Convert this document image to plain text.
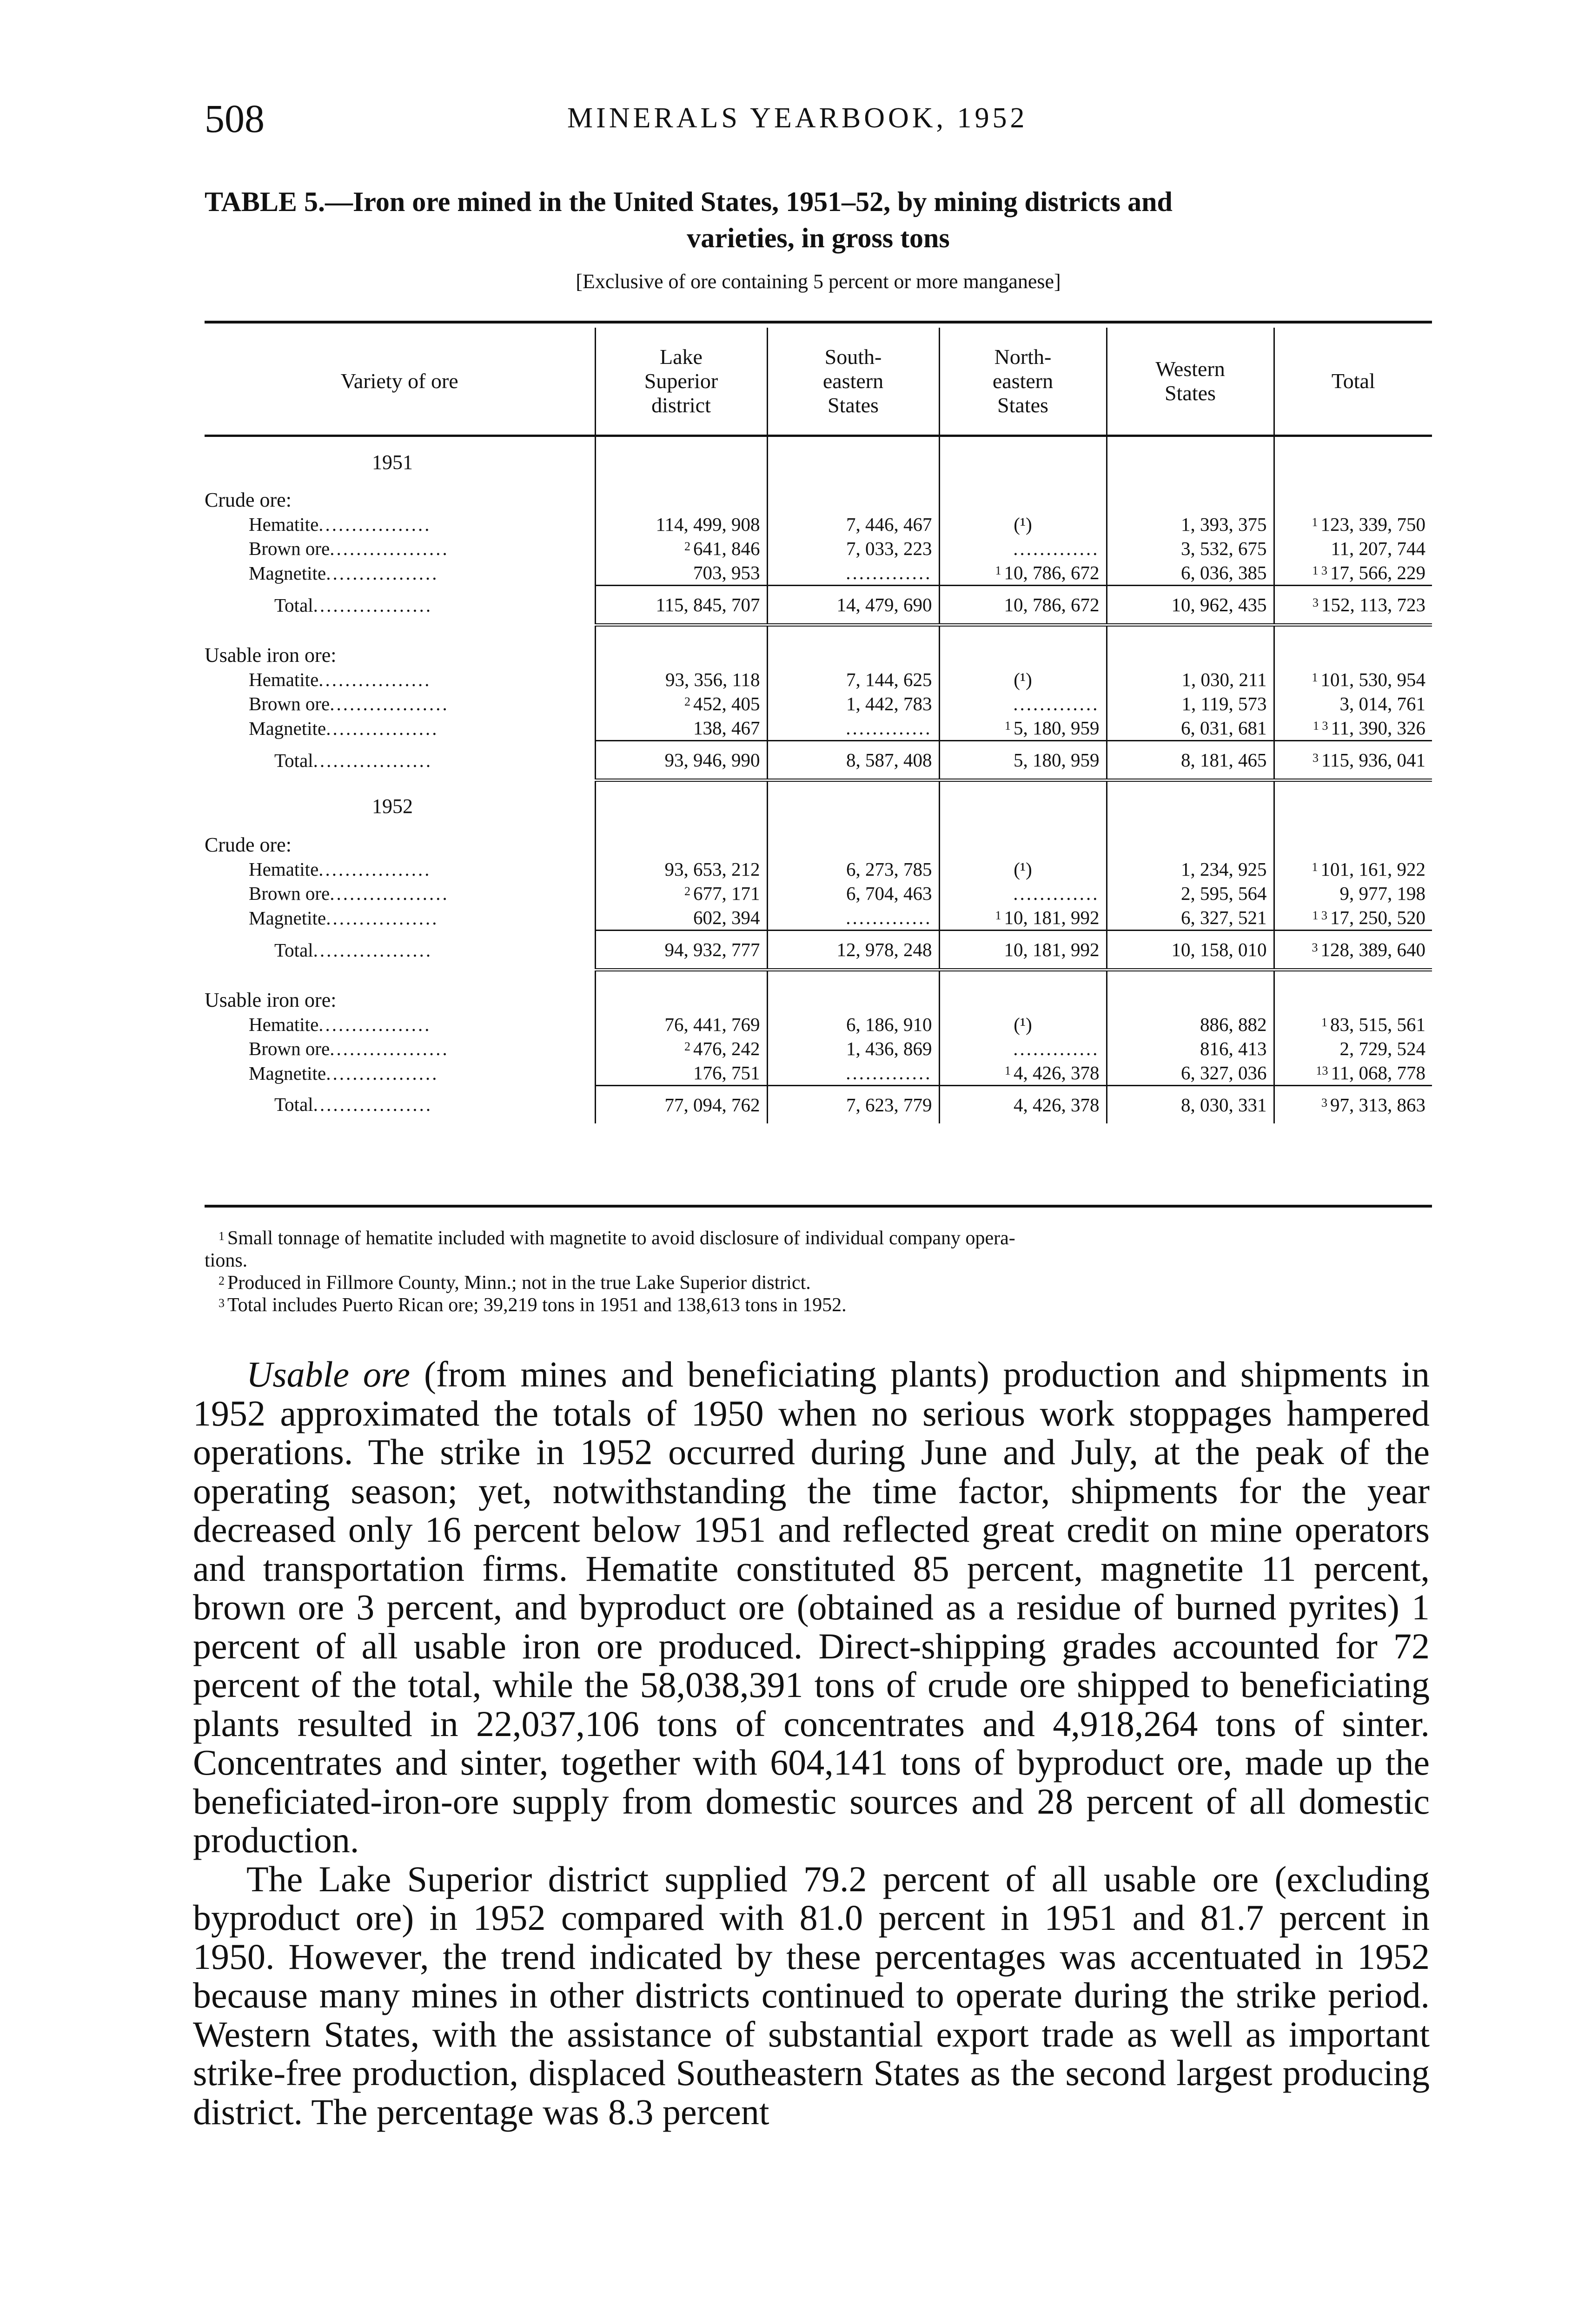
508	MINERALS YEARBOOK, 1952
TABLE 5.—Iron ore mined in the United States, 1951–52, by mining districts and
varieties, in gross tons
[Exclusive of ore containing 5 percent or more manganese]
Variety of ore	Lake
Superior
district	South-
eastern
States	North-
eastern
States	Western
States	Total
1951					
Crude ore:					
Hematite.................	114, 499, 908	7, 446, 467	(¹)	1, 393, 375	$^1$ 123, 339, 750
Brown ore..................	$^2$ 641, 846	7, 033, 223	.............	3, 532, 675	11, 207, 744
Magnetite.................	703, 953	.............	$^1$ 10, 786, 672	6, 036, 385	$^{1 3}$ 17, 566, 229
Total..................	115, 845, 707	14, 479, 690	10, 786, 672	10, 962, 435	$^3$ 152, 113, 723

Usable iron ore:					
Hematite.................	93, 356, 118	7, 144, 625	(¹)	1, 030, 211	$^1$ 101, 530, 954
Brown ore..................	$^2$ 452, 405	1, 442, 783	.............	1, 119, 573	3, 014, 761
Magnetite.................	138, 467	.............	$^1$ 5, 180, 959	6, 031, 681	$^{1 3}$ 11, 390, 326
Total..................	93, 946, 990	8, 587, 408	5, 180, 959	8, 181, 465	$^3$ 115, 936, 041
1952					
Crude ore:					
Hematite.................	93, 653, 212	6, 273, 785	(¹)	1, 234, 925	$^1$ 101, 161, 922
Brown ore..................	$^2$ 677, 171	6, 704, 463	.............	2, 595, 564	9, 977, 198
Magnetite.................	602, 394	.............	$^1$ 10, 181, 992	6, 327, 521	$^{1 3}$ 17, 250, 520
Total..................	94, 932, 777	12, 978, 248	10, 181, 992	10, 158, 010	$^3$ 128, 389, 640

Usable iron ore:					
Hematite.................	76, 441, 769	6, 186, 910	(¹)	886, 882	$^1$ 83, 515, 561
Brown ore..................	$^2$ 476, 242	1, 436, 869	.............	816, 413	2, 729, 524
Magnetite.................	176, 751	.............	$^1$ 4, 426, 378	6, 327, 036	$^{13}$ 11, 068, 778
Total..................	77, 094, 762	7, 623, 779	4, 426, 378	8, 030, 331	$^3$ 97, 313, 863

$^1$ Small tonnage of hematite included with magnetite to avoid disclosure of individual company opera-

tions.

$^2$ Produced in Fillmore County, Minn.; not in the true Lake Superior district.

$^3$ Total includes Puerto Rican ore; 39,219 tons in 1951 and 138,613 tons in 1952.

Usable ore (from mines and beneficiating plants) production and shipments in 1952 approximated the totals of 1950 when no serious work stoppages hampered operations. The strike in 1952 occurred during June and July, at the peak of the operating season; yet, notwithstanding the time factor, shipments for the year decreased only 16 percent below 1951 and reflected great credit on mine operators and transportation firms. Hematite constituted 85 percent, magnetite 11 percent, brown ore 3 percent, and byproduct ore (obtained as a residue of burned pyrites) 1 percent of all usable iron ore produced. Direct-shipping grades accounted for 72 percent of the total, while the 58,038,391 tons of crude ore shipped to beneficiating plants resulted in 22,037,106 tons of concentrates and 4,918,264 tons of sinter. Concentrates and sinter, together with 604,141 tons of byproduct ore, made up the beneficiated-iron-ore supply from domestic sources and 28 percent of all domestic production.

The Lake Superior district supplied 79.2 percent of all usable ore (excluding byproduct ore) in 1952 compared with 81.0 percent in 1951 and 81.7 percent in 1950. However, the trend indicated by these percentages was accentuated in 1952 because many mines in other districts continued to operate during the strike period. Western States, with the assistance of substantial export trade as well as important strike-free production, displaced Southeastern States as the second largest producing district. The percentage was 8.3 percent
